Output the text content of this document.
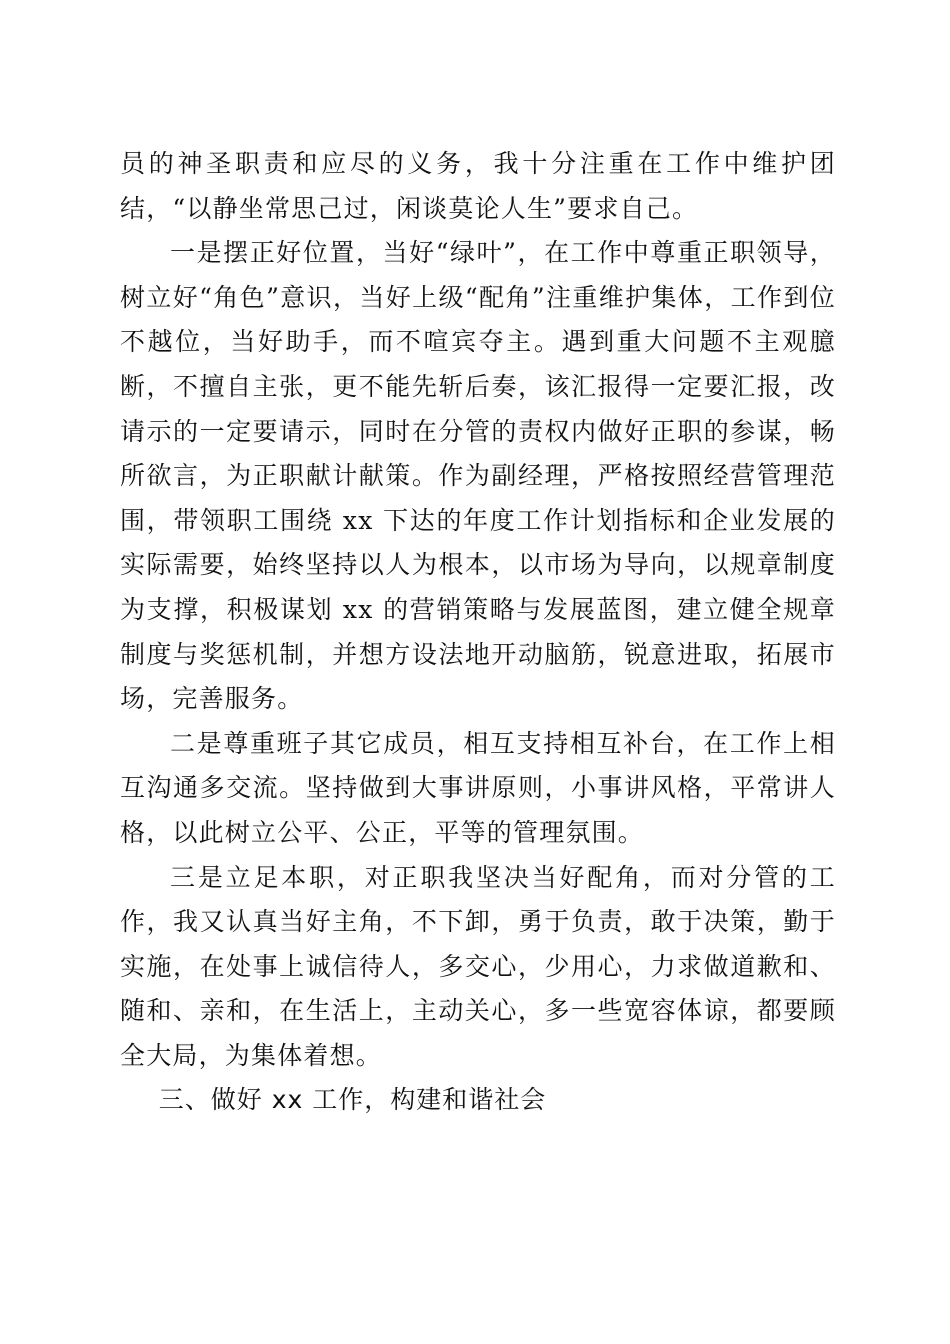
员的神圣职责和应尽的义务，我十分注重在工作中维护团结，“以静坐常思己过，闲谈莫论人生”要求自己。

一是摆正好位置，当好“绿叶”，在工作中尊重正职领导，树立好“角色”意识，当好上级“配角”注重维护集体，工作到位不越位，当好助手，而不喧宾夺主。遇到重大问题不主观臆断，不擅自主张，更不能先斩后奏，该汇报得一定要汇报，改请示的一定要请示，同时在分管的责权内做好正职的参谋，畅所欲言，为正职献计献策。作为副经理，严格按照经营管理范围，带领职工围绕 xx 下达的年度工作计划指标和企业发展的实际需要，始终坚持以人为根本，以市场为导向，以规章制度为支撑，积极谋划 xx 的营销策略与发展蓝图，建立健全规章制度与奖惩机制，并想方设法地开动脑筋，锐意进取，拓展市场，完善服务。

二是尊重班子其它成员，相互支持相互补台，在工作上相互沟通多交流。坚持做到大事讲原则，小事讲风格，平常讲人格，以此树立公平、公正，平等的管理氛围。

三是立足本职，对正职我坚决当好配角，而对分管的工作，我又认真当好主角，不下卸，勇于负责，敢于决策，勤于实施，在处事上诚信待人，多交心，少用心，力求做道歉和、随和、亲和，在生活上，主动关心，多一些宽容体谅，都要顾全大局，为集体着想。

三、做好 xx 工作，构建和谐社会
